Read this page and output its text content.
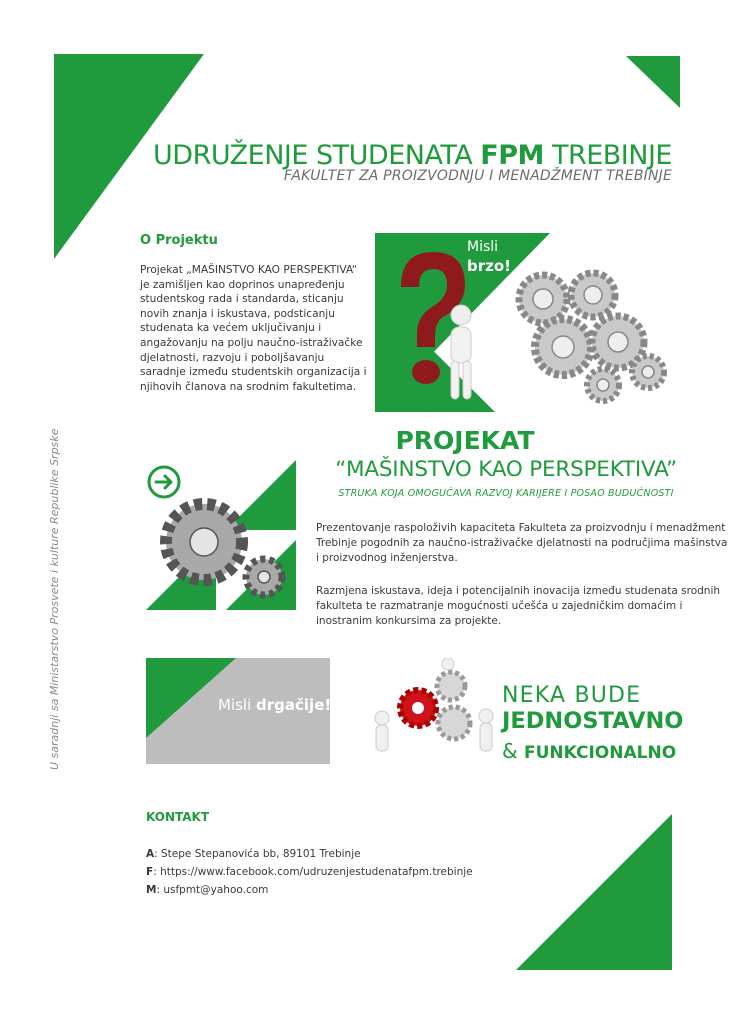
UDRUŽENJE STUDENATA FPM TREBINJE
FAKULTET ZA PROIZVODNJU I MENADŽMENT TREBINJE
U saradnji sa Ministarstvo Prosvete i kulture Republike Srpske
O Projektu
Projekat „MAŠINSTVO KAO PERSPEKTIVA“ je zamišljen kao doprinos unapređenju studentskog rada i standarda, sticanju novih znanja i iskustava, podsticanju studenata ka većem uključivanju i angažovanju na polju naučno-istraživačke djelatnosti, razvoju i poboljšavanju saradnje između studentskih organizacija i njihovih članova na srodnim fakultetima.
Misli
brzo!
PROJEKAT
“MAŠINSTVO KAO PERSPEKTIVA”
STRUKA KOJA OMOGUĆAVA RAZVOJ KARIJERE I POSAO BUDUĆNOSTI
Prezentovanje raspoloživih kapaciteta Fakulteta za proizvodnju i menadžment Trebinje pogodnih za naučno-istraživačke djelatnosti na područjima mašinstva i proizvodnog inženjerstva.
Razmjena iskustava, ideja i potencijalnih inovacija između studenata srodnih fakulteta te razmatranje mogućnosti učešća u zajedničkim domaćim i inostranim konkursima za projekte.
Misli drgačije!	NEKA BUDE
JEDNOSTAVNO
& FUNKCIONALNO
KONTAKT
A: Stepe Stepanovića bb, 89101 Trebinje
F: https://www.facebook.com/udruzenjestudenatafpm.trebinje
M: usfpmt@yahoo.com
